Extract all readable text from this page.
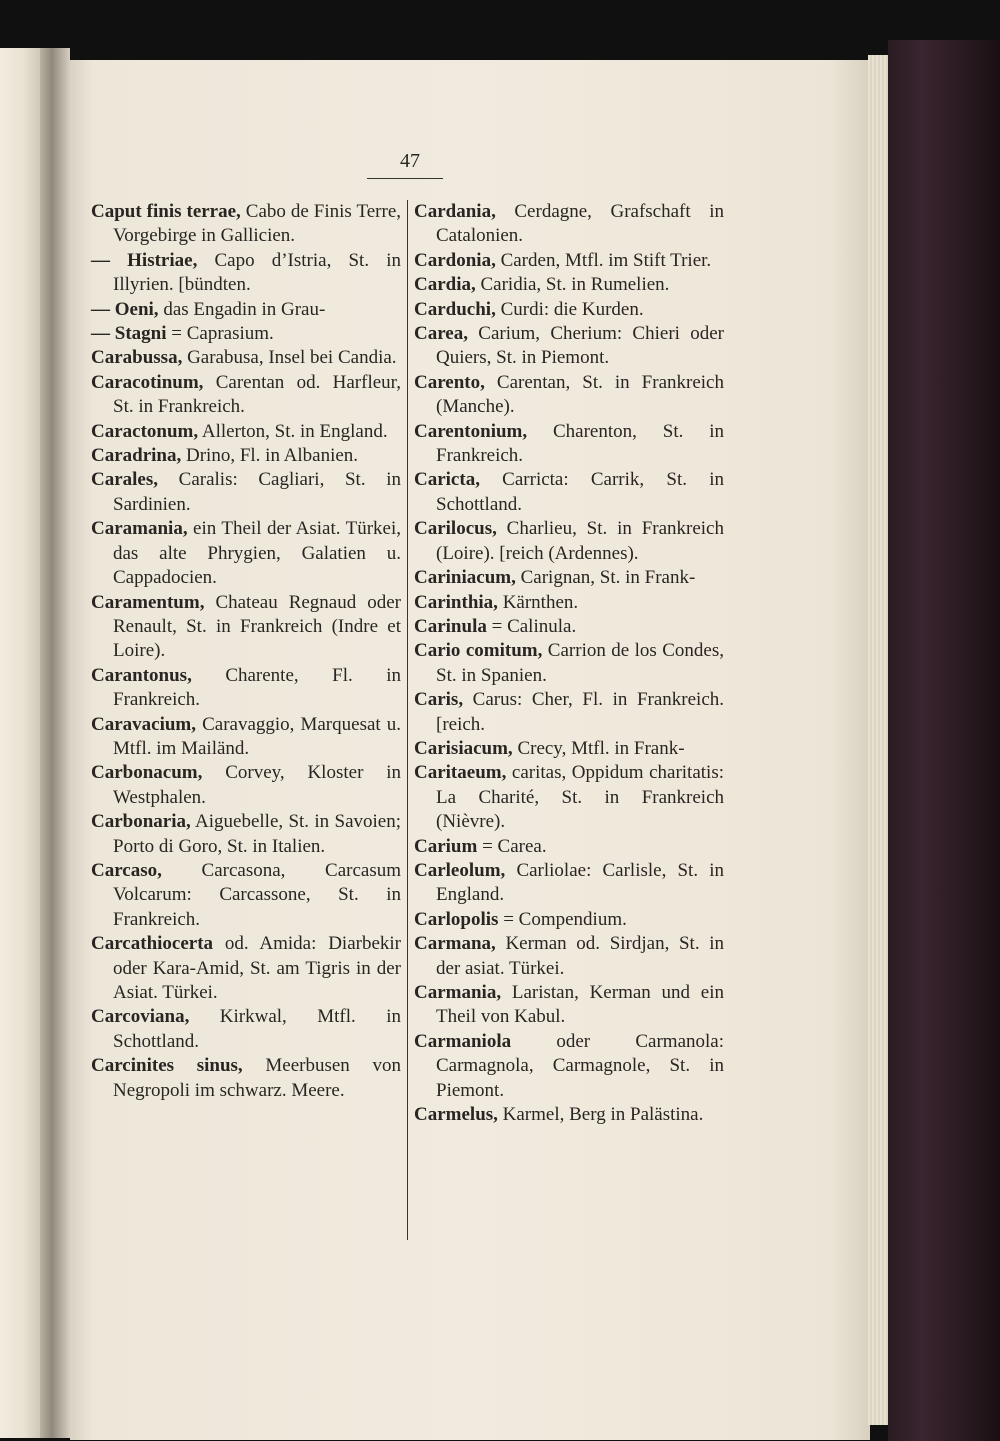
47

Caput finis terrae, Cabo de Finis Terre, Vorgebirge in Gallicien.

— Histriae, Capo d’Istria, St. in Illyrien. [bündten.

— Oeni, das Engadin in Grau-

— Stagni = Caprasium.

Carabussa, Garabusa, Insel bei Candia.

Caracotinum, Carentan od. Harfleur, St. in Frankreich.

Caractonum, Allerton, St. in England.

Caradrina, Drino, Fl. in Albanien.

Carales, Caralis: Cagliari, St. in Sardinien.

Caramania, ein Theil der Asiat. Türkei, das alte Phrygien, Galatien u. Cappadocien.

Caramentum, Chateau Regnaud oder Renault, St. in Frankreich (Indre et Loire).

Carantonus, Charente, Fl. in Frankreich.

Caravacium, Caravaggio, Marquesat u. Mtfl. im Mailänd.

Carbonacum, Corvey, Kloster in Westphalen.

Carbonaria, Aiguebelle, St. in Savoien; Porto di Goro, St. in Italien.

Carcaso, Carcasona, Carcasum Volcarum: Carcassone, St. in Frankreich.

Carcathiocerta od. Amida: Diarbekir oder Kara-Amid, St. am Tigris in der Asiat. Türkei.

Carcoviana, Kirkwal, Mtfl. in Schottland.

Carcinites sinus, Meerbusen von Negropoli im schwarz. Meere.

Cardania, Cerdagne, Grafschaft in Catalonien.

Cardonia, Carden, Mtfl. im Stift Trier.

Cardia, Caridia, St. in Rumelien.

Carduchi, Curdi: die Kurden.

Carea, Carium, Cherium: Chieri oder Quiers, St. in Piemont.

Carento, Carentan, St. in Frankreich (Manche).

Carentonium, Charenton, St. in Frankreich.

Caricta, Carricta: Carrik, St. in Schottland.

Carilocus, Charlieu, St. in Frankreich (Loire). [reich (Ardennes).

Cariniacum, Carignan, St. in Frank-

Carinthia, Kärnthen.

Carinula = Calinula.

Cario comitum, Carrion de los Condes, St. in Spanien.

Caris, Carus: Cher, Fl. in Frankreich. [reich.

Carisiacum, Crecy, Mtfl. in Frank-

Caritaeum, caritas, Oppidum charitatis: La Charité, St. in Frankreich (Nièvre).

Carium = Carea.

Carleolum, Carliolae: Carlisle, St. in England.

Carlopolis = Compendium.

Carmana, Kerman od. Sirdjan, St. in der asiat. Türkei.

Carmania, Laristan, Kerman und ein Theil von Kabul.

Carmaniola oder Carmanola: Carmagnola, Carmagnole, St. in Piemont.

Carmelus, Karmel, Berg in Palästina.
